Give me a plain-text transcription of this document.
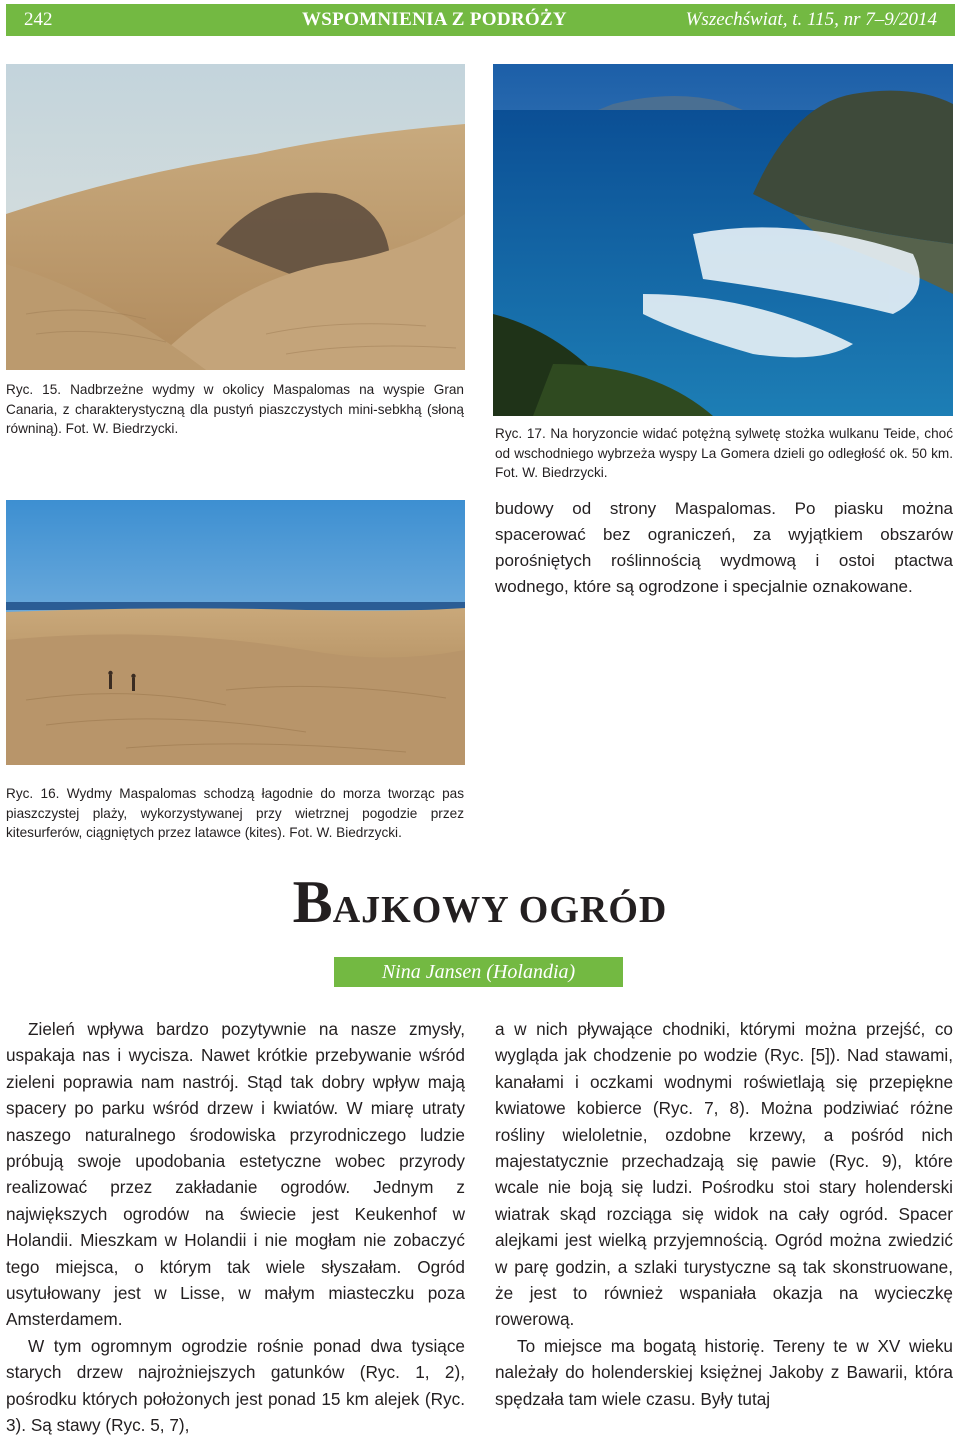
242	WSPOMNIENIA Z PODRÓŻY	Wszechświat, t. 115, nr 7–9/2014
Ryc. 15. Nadbrzeżne wydmy w okolicy Maspalomas na wyspie Gran Canaria, z charakterystyczną dla pustyń piaszczystych mini-sebkhą (słoną równiną). Fot. W. Biedrzycki.	Ryc. 17. Na horyzoncie widać potężną sylwetę stożka wulkanu Teide, choć od wschodniego wybrzeża wyspy La Gomera dzieli go odległość ok. 50 km. Fot. W. Biedrzycki.
Ryc. 16. Wydmy Maspalomas schodzą łagodnie do morza tworząc pas piaszczystej plaży, wykorzystywanej przy wietrznej pogodzie przez kitesurferów, ciągniętych przez latawce (kites). Fot. W. Biedrzycki.

budowy od strony Maspalomas. Po piasku można spacerować bez ograniczeń, za wyjątkiem obszarów porośniętych roślinnością wydmową i ostoi ptactwa wodnego, które są ogrodzone i specjalnie oznakowane.

BAJKOWY OGRÓD
Nina Jansen (Holandia)

Zieleń wpływa bardzo pozytywnie na nasze zmysły, uspakaja nas i wycisza. Nawet krótkie przebywanie wśród zieleni poprawia nam nastrój. Stąd tak dobry wpływ mają spacery po parku wśród drzew i kwiatów. W miarę utraty naszego naturalnego środowiska przyrodniczego ludzie próbują swoje upodobania estetyczne wobec przyrody realizować przez zakładanie ogrodów. Jednym z największych ogrodów na świecie jest Keukenhof w Holandii. Mieszkam w Holandii i nie mogłam nie zobaczyć tego miejsca, o którym tak wiele słyszałam. Ogród usytułowany jest w Lisse, w małym miasteczku poza Amsterdamem.

W tym ogromnym ogrodzie rośnie ponad dwa tysiące starych drzew najrożniejszych gatunków (Ryc. 1, 2), pośrodku których położonych jest ponad 15 km alejek (Ryc. 3). Są stawy (Ryc. 5, 7),

a w nich pływające chodniki, którymi można przejść, co wygląda jak chodzenie po wodzie (Ryc. [5]). Nad stawami, kanałami i oczkami wodnymi roświetlają się przepiękne kwiatowe kobierce (Ryc. 7, 8). Można podziwiać różne rośliny wieloletnie, ozdobne krzewy, a pośród nich majestatycznie przechadzają się pawie (Ryc. 9), które wcale nie boją się ludzi. Pośrodku stoi stary holenderski wiatrak skąd rozciąga się widok na cały ogród. Spacer alejkami jest wielką przyjemnością. Ogród można zwiedzić w parę godzin, a szlaki turystyczne są tak skonstruowane, że jest to również wspaniała okazja na wycieczkę rowerową.

To miejsce ma bogatą historię. Tereny te w XV wieku należały do holenderskiej księżnej Jakoby z Bawarii, która spędzała tam wiele czasu. Były tutaj
